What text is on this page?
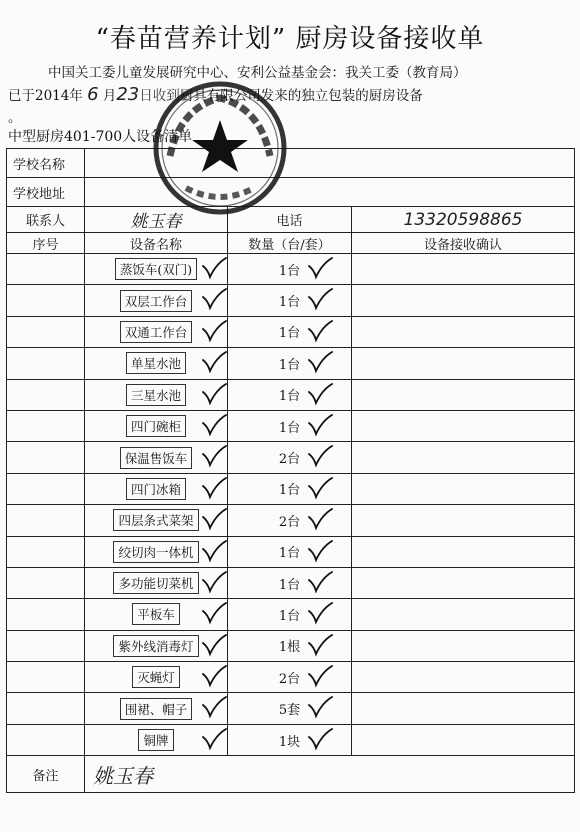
“春苗营养计划” 厨房设备接收单
中国关工委儿童发展研究中心、安利公益基金会：我关工委（教育局）
已于2014年 6 月23日收到厨具有限公司发来的独立包装的厨房设备
。
中型厨房401-700人设备清单
学校名称			
学校地址			
联系人	姚玉春	电话	13320598865
序号	设备名称	数量（台/套）	设备接收确认
	蒸饭车(双门)	1台

	双层工作台	1台

	双通工作台	1台

	单星水池	1台

	三星水池	1台

	四门碗柜	1台

	保温售饭车	2台

	四门冰箱	1台

	四层条式菜架	2台

	绞切肉一体机	1台

	多功能切菜机	1台

	平板车	1台

	紫外线消毒灯	1根

	灭蝇灯	2台

	围裙、帽子	5套

	铜牌	1块

备注	姚玉春		
